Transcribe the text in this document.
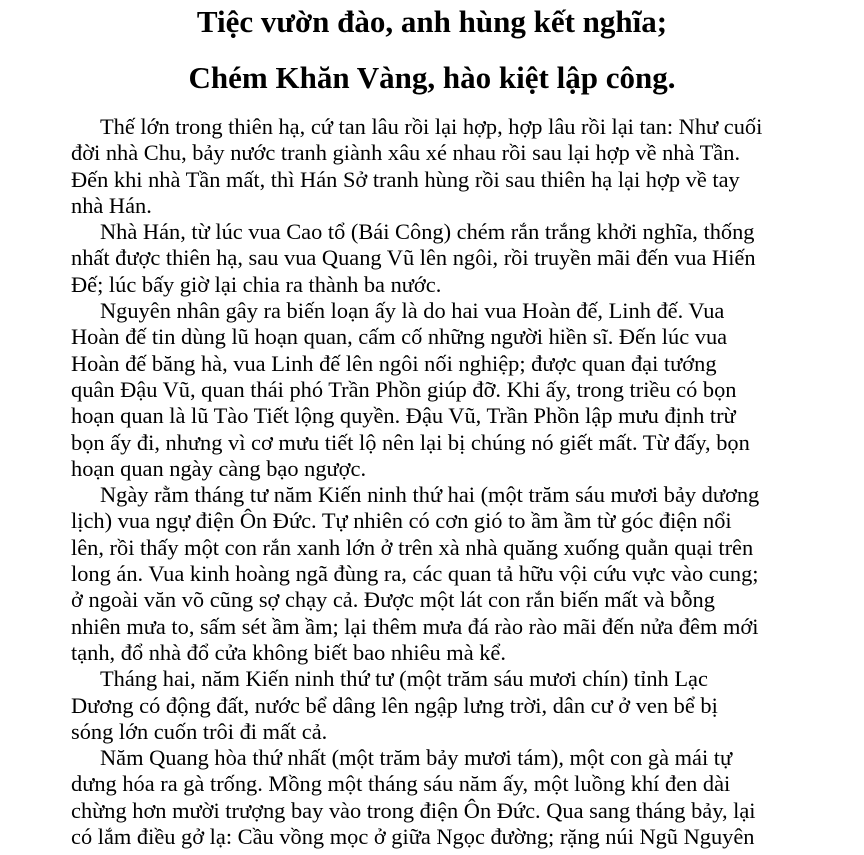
Tiệc vườn đào, anh hùng kết nghĩa;
Chém Khăn Vàng, hào kiệt lập công.

Thế lớn trong thiên hạ, cứ tan lâu rồi lại hợp, hợp lâu rồi lại tan: Như cuối
đời nhà Chu, bảy nước tranh giành xâu xé nhau rồi sau lại hợp về nhà Tần.
Đến khi nhà Tần mất, thì Hán Sở tranh hùng rồi sau thiên hạ lại hợp về tay
nhà Hán.

Nhà Hán, từ lúc vua Cao tổ (Bái Công) chém rắn trắng khởi nghĩa, thống
nhất được thiên hạ, sau vua Quang Vũ lên ngôi, rồi truyền mãi đến vua Hiến
Đế; lúc bấy giờ lại chia ra thành ba nước.

Nguyên nhân gây ra biến loạn ấy là do hai vua Hoàn đế, Linh đế. Vua
Hoàn đế tin dùng lũ hoạn quan, cấm cố những người hiền sĩ. Đến lúc vua
Hoàn đế băng hà, vua Linh đế lên ngôi nối nghiệp; được quan đại tướng
quân Đậu Vũ, quan thái phó Trần Phồn giúp đỡ. Khi ấy, trong triều có bọn
hoạn quan là lũ Tào Tiết lộng quyền. Đậu Vũ, Trần Phồn lập mưu định trừ
bọn ấy đi, nhưng vì cơ mưu tiết lộ nên lại bị chúng nó giết mất. Từ đấy, bọn
hoạn quan ngày càng bạo ngược.

Ngày rằm tháng tư năm Kiến ninh thứ hai (một trăm sáu mươi bảy dương
lịch) vua ngự điện Ôn Đức. Tự nhiên có cơn gió to ầm ầm từ góc điện nổi
lên, rồi thấy một con rắn xanh lớn ở trên xà nhà quăng xuống quằn quại trên
long án. Vua kinh hoàng ngã đùng ra, các quan tả hữu vội cứu vực vào cung;
ở ngoài văn võ cũng sợ chạy cả. Được một lát con rắn biến mất và bỗng
nhiên mưa to, sấm sét ầm ầm; lại thêm mưa đá rào rào mãi đến nửa đêm mới
tạnh, đổ nhà đổ cửa không biết bao nhiêu mà kể.

Tháng hai, năm Kiến ninh thứ tư (một trăm sáu mươi chín) tỉnh Lạc
Dương có động đất, nước bể dâng lên ngập lưng trời, dân cư ở ven bể bị
sóng lớn cuốn trôi đi mất cả.

Năm Quang hòa thứ nhất (một trăm bảy mươi tám), một con gà mái tự
dưng hóa ra gà trống. Mồng một tháng sáu năm ấy, một luồng khí đen dài
chừng hơn mười trượng bay vào trong điện Ôn Đức. Qua sang tháng bảy, lại
có lắm điều gở lạ: Cầu vồng mọc ở giữa Ngọc đường; rặng núi Ngũ Nguyên
